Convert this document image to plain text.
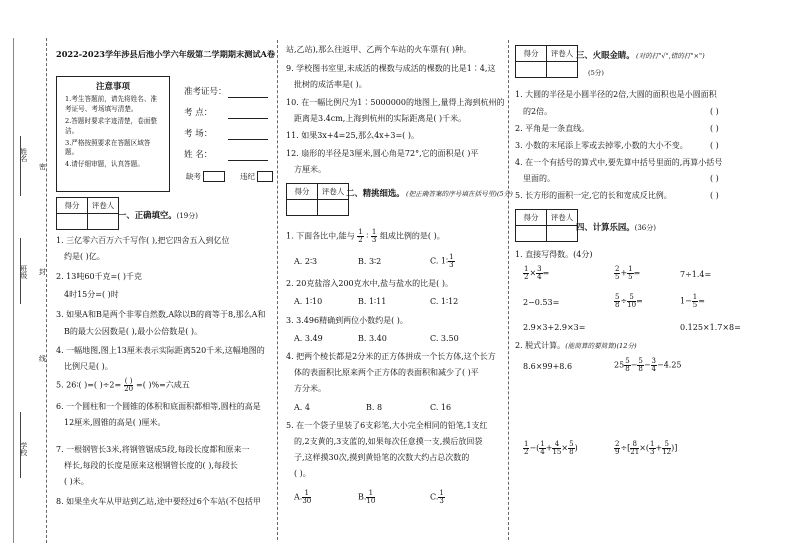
姓名
班级
学校
密
封
线
2022-2023学年涉县后池小学六年级第二学期期末测试A卷
注意事项
1.考生答题前，请先将姓名、准考证号、考场填写清楚。
2.答题时要求字迹清楚，卷面整洁。
3.严格按照要求在答题区域答题。
4.请仔细审题，认真答题。
准考证号：
考 点：
考 场：
姓 名：
缺考	违纪
得分	评卷人

一、正确填空。(19分)
1. 三亿零六百万六千写作( ),把它四舍五入到亿位
约是( )亿。
2. 13吨60千克=( )千克
4时15分=( )时
3. 如果A和B是两个非零自然数,A除以B的商等于8,那么A和
B的最大公因数是( ),最小公倍数是( )。
4. 一幅地图,图上13厘米表示实际距离520千米,这幅地图的
比例尺是( )。
5. 26∶( )=( )$\div 2= \frac{( )}{20}$ =( )%=六成五
6. 一个圆柱和一个圆锥的体积和底面积都相等,圆柱的高是
12厘米,圆锥的高是( )厘米。
7. 一根钢管长3米,将钢管锯成5段,每段长度都和原来一
样长,每段的长度是原来这根钢管长度的( ),每段长
( )米。
8. 如果坐火车从甲站到乙站,途中要经过6个车站(不包括甲
站,乙站),那么往返甲、乙两个车站的火车票有( )种。
9. 学校图书室里,未成活的棵数与成活的棵数的比是1∶4,这
批树的成活率是( )。
10. 在一幅比例尺为1∶5000000的地图上,量得上海到杭州的
距离是3.4cm,上海到杭州的实际距离是( )千米。
11. 如果3x+4=25,那么4x+3=( )。
12. 扇形的半径是3厘米,圆心角是72°,它的面积是( )平
方厘米。
得分	评卷人
	二、精挑细选。 (把正确答案的序号填在括号里)(5分)
1. 下面各比中,能与 $\frac{1}{2}$ ∶ $\frac{1}{3}$ 组成比例的是( )。
A. 2∶3	B. 3∶2	C. 1∶ $\frac{1}{3}$
2. 20克盐溶入200克水中,盐与盐水的比是( )。
A. 1∶10	B. 1∶11	C. 1∶12
3. 3.496精确到两位小数约是( )。
A. 3.49	B. 3.40	C. 3.50
4. 把两个棱长都是2分米的正方体拼成一个长方体,这个长方
体的表面积比原来两个正方体的表面积和减少了( )平
方分米。
A. 4	B. 8	C. 16
5. 在一个袋子里装了6支彩笔,大小完全相同的铅笔,1支红
的,2支黄的,3支蓝的,如果每次任意摸一支,摸后放回袋
子,这样摸30次,摸到黄铅笔的次数大约占总次数的
( )。
A. $\frac{1}{30}$	B. $\frac{1}{10}$	C. $\frac{1}{3}$
得分	评卷人
	三、火眼金睛。 (对的打"√",错的打"×")
(5分)
1. 大圆的半径是小圆半径的2倍,大圆的面积也是小圆面积
的2倍。	( )
2. 平角是一条直线。	( )
3. 小数的末尾添上零或去掉零,小数的大小不变。	( )
4. 在一个有括号的算式中,要先算中括号里面的,再算小括号
里面的。	( )
5. 长方形的面积一定,它的长和宽成反比例。	( )
得分	评卷人

四、计算乐园。(36分)
1. 直接写得数。(4分)
$\frac{1}{2} \times \frac{3}{4}$ =	$\frac{2}{5} + \frac{1}{5}$ =	7÷1.4=
2−0.53=	$\frac{5}{8} \div \frac{5}{10}$ =	$1- \frac{1}{5}$ =
2.9×3+2.9×3=	0.125×1.7×8=
2. 脱式计算。(能简算的要简算)(12分)
8.6×99+8.6	$25 \frac{5}{8} - \frac{5}{8} - \frac{3}{4} -4.25$
$\frac{1}{2}$ −( $\frac{1}{4} + \frac{4}{15} \times \frac{5}{8}$ )	$\frac{2}{9}$ ÷[ $\frac{8}{21}$ ×( $\frac{1}{3} + \frac{5}{12}$ )]
